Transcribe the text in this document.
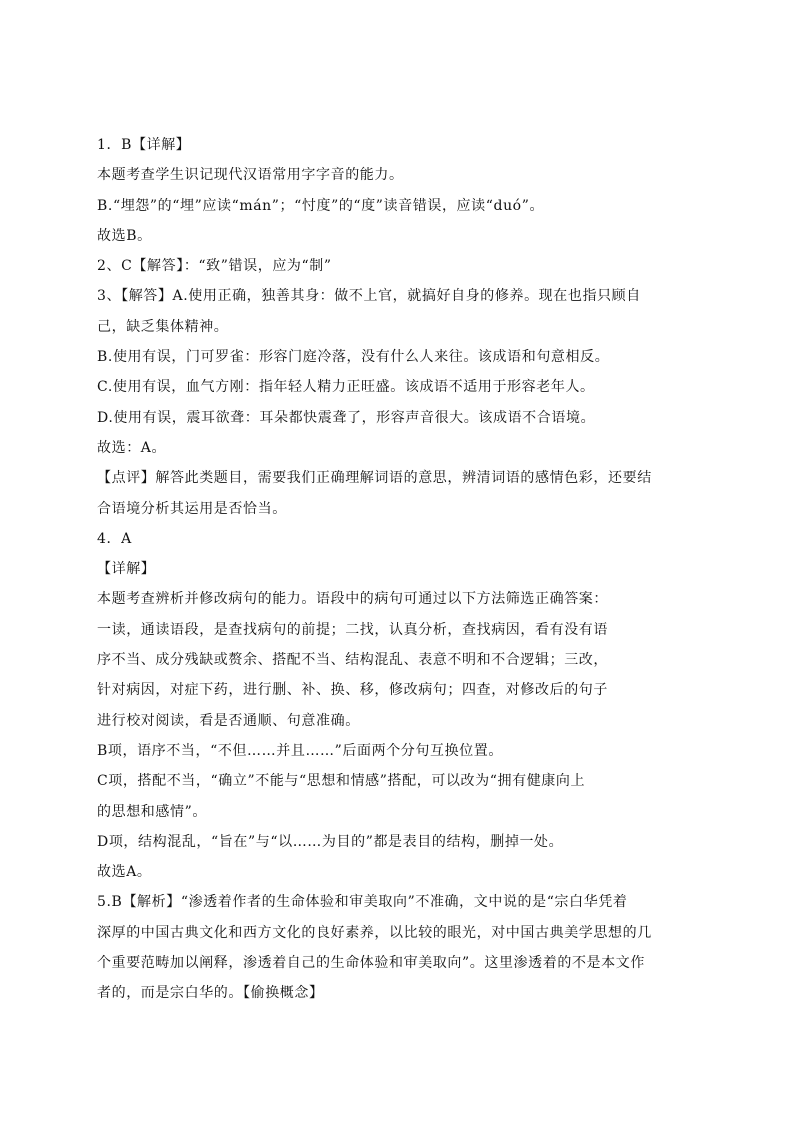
1．B【详解】
本题考查学生识记现代汉语常用字字音的能力。
B.“埋怨”的“埋”应读“mán”；“忖度”的“度”读音错误，应读“duó”。
故选B。
2、C【解答】：“致”错误，应为“制”
3、【解答】A.使用正确，独善其身：做不上官，就搞好自身的修养。现在也指只顾自
己，缺乏集体精神。
B.使用有误，门可罗雀：形容门庭冷落，没有什么人来往。该成语和句意相反。
C.使用有误，血气方刚：指年轻人精力正旺盛。该成语不适用于形容老年人。
D.使用有误，震耳欲聋：耳朵都快震聋了，形容声音很大。该成语不合语境。
故选：A。
【点评】解答此类题目，需要我们正确理解词语的意思，辨清词语的感情色彩，还要结
合语境分析其运用是否恰当。
4．A
【详解】
本题考查辨析并修改病句的能力。语段中的病句可通过以下方法筛选正确答案：
一读，通读语段，是查找病句的前提；二找，认真分析，查找病因，看有没有语
序不当、成分残缺或赘余、搭配不当、结构混乱、表意不明和不合逻辑；三改，
针对病因，对症下药，进行删、补、换、移，修改病句；四查，对修改后的句子
进行校对阅读，看是否通顺、句意准确。
B项，语序不当，“不但……并且……”后面两个分句互换位置。
C项，搭配不当，“确立”不能与“思想和情感”搭配，可以改为“拥有健康向上
的思想和感情”。
D项，结构混乱，“旨在”与“以……为目的”都是表目的结构，删掉一处。
故选A。
5.B【解析】“渗透着作者的生命体验和审美取向”不准确，文中说的是“宗白华凭着
深厚的中国古典文化和西方文化的良好素养，以比较的眼光，对中国古典美学思想的几
个重要范畴加以阐释，渗透着自己的生命体验和审美取向”。这里渗透着的不是本文作
者的，而是宗白华的。【偷换概念】
